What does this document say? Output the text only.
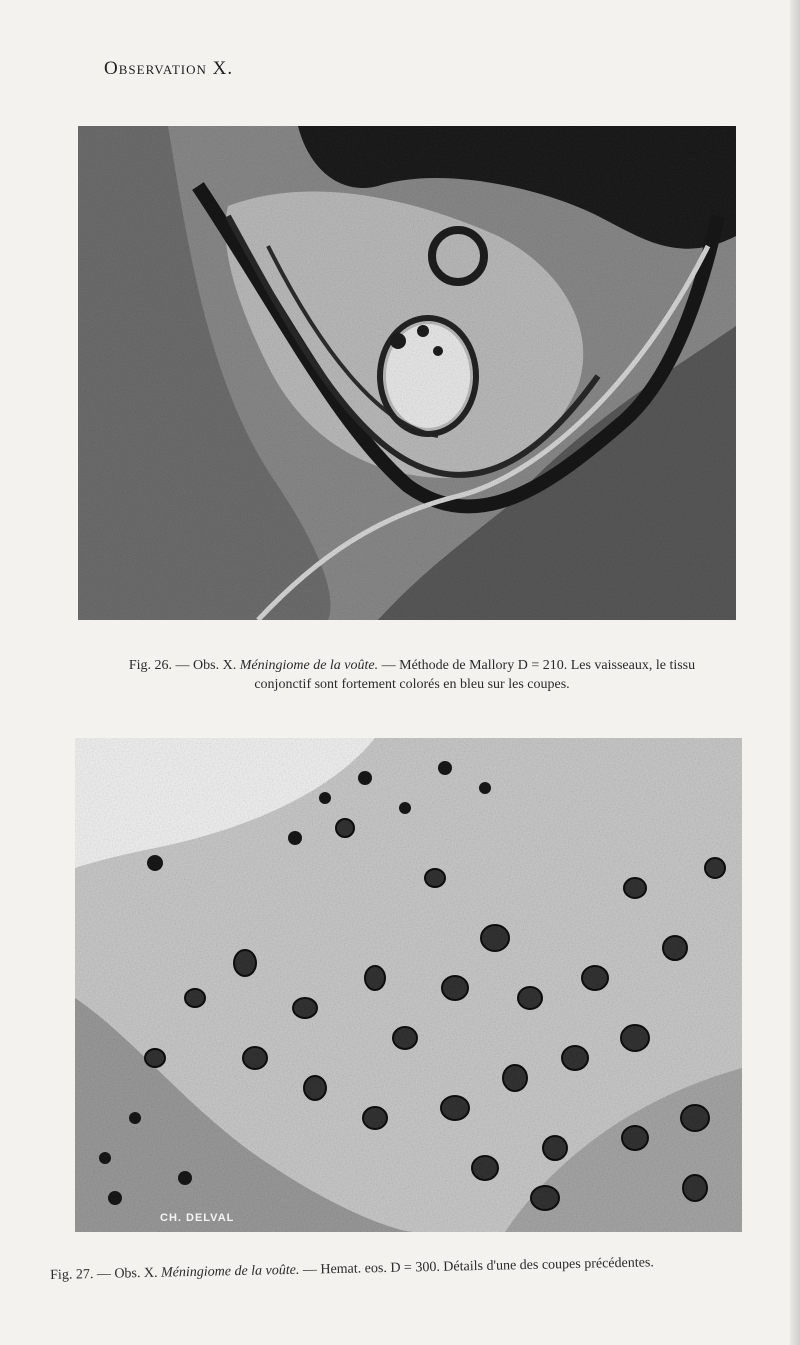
Observation X.
Fig. 26. — Obs. X. Méningiome de la voûte. — Méthode de Mallory D = 210. Les vaisseaux, le tissu
conjonctif sont fortement colorés en bleu sur les coupes.
CH. DELVAL
Fig. 27. — Obs. X. Méningiome de la voûte. — Hemat. eos. D = 300. Détails d'une des coupes précédentes.
